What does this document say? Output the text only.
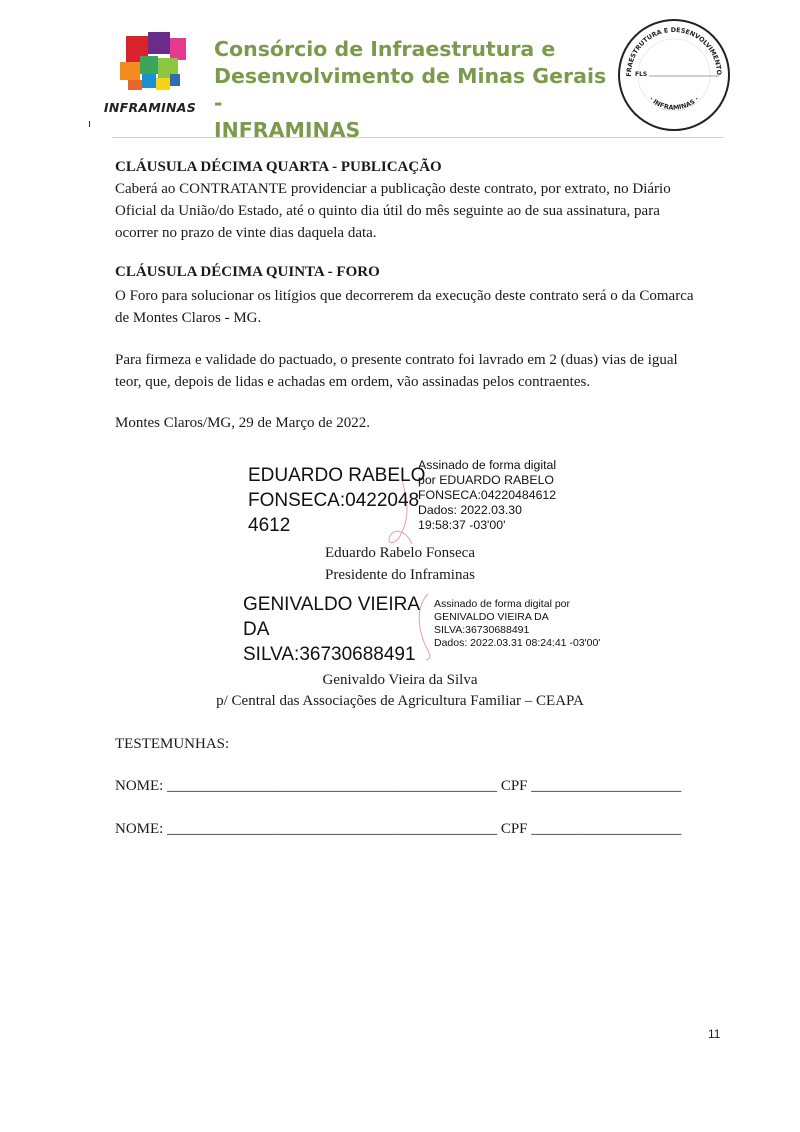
INFRAMINAS
Consórcio de Infraestrutura e
Desenvolvimento de Minas Gerais -
INFRAMINAS
FRAESTRUTURA E DESENVOLVIMENTO
· INFRAMINAS ·
FLS
CLÁUSULA DÉCIMA QUARTA - PUBLICAÇÃO
Caberá ao CONTRATANTE providenciar a publicação deste contrato, por extrato, no Diário
Oficial da União/do Estado, até o quinto dia útil do mês seguinte ao de sua assinatura, para
ocorrer no prazo de vinte dias daquela data.
CLÁUSULA DÉCIMA QUINTA - FORO
O Foro para solucionar os litígios que decorrerem da execução deste contrato será o da Comarca
de Montes Claros - MG.
Para firmeza e validade do pactuado, o presente contrato foi lavrado em 2 (duas) vias de igual
teor, que, depois de lidas e achadas em ordem, vão assinadas pelos contraentes.
Montes Claros/MG, 29 de Março de 2022.
EDUARDO RABELO
FONSECA:0422048
4612
Assinado de forma digital
por EDUARDO RABELO
FONSECA:04220484612
Dados: 2022.03.30
19:58:37 -03'00'
Eduardo Rabelo Fonseca
Presidente do Inframinas
GENIVALDO VIEIRA
DA
SILVA:36730688491
Assinado de forma digital por
GENIVALDO VIEIRA DA
SILVA:36730688491
Dados: 2022.03.31 08:24:41 -03'00'
Genivaldo Vieira da Silva
p/ Central das Associações de Agricultura Familiar – CEAPA
TESTEMUNHAS:
NOME: ____________________________________________ CPF ____________________
NOME: ____________________________________________ CPF ____________________
11
